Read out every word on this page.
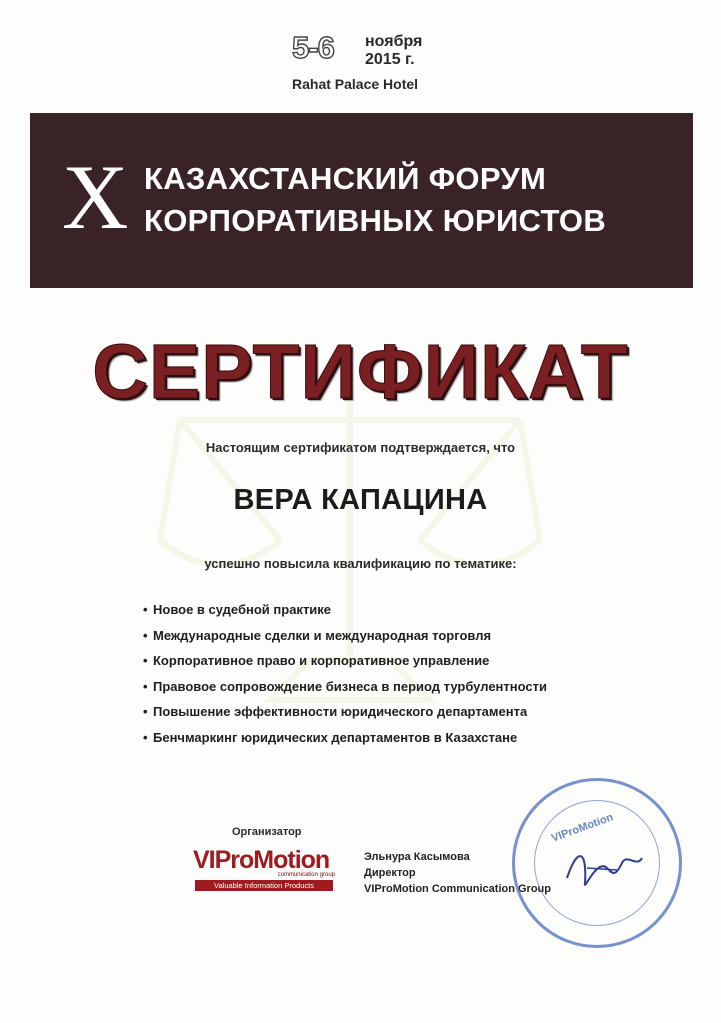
5-6 ноября
2015 г.
Rahat Palace Hotel
X КАЗАХСТАНСКИЙ ФОРУМ
КОРПОРАТИВНЫХ ЮРИСТОВ
СЕРТИФИКАТ
Настоящим сертификатом подтверждается, что
ВЕРА КАПАЦИНА
успешно повысила квалификацию по тематике:
• Новое в судебной практике
• Международные сделки и международная торговля
• Корпоративное право и корпоративное управление
• Правовое сопровождение бизнеса в период турбулентности
• Повышение эффективности юридического департамента
• Бенчмаркинг юридических департаментов в Казахстане
Организатор
VIProMotion
communication group
Valuable Information Products
Эльнура Касымова
Директор
VIProMotion Communication Group
VIProMotion
